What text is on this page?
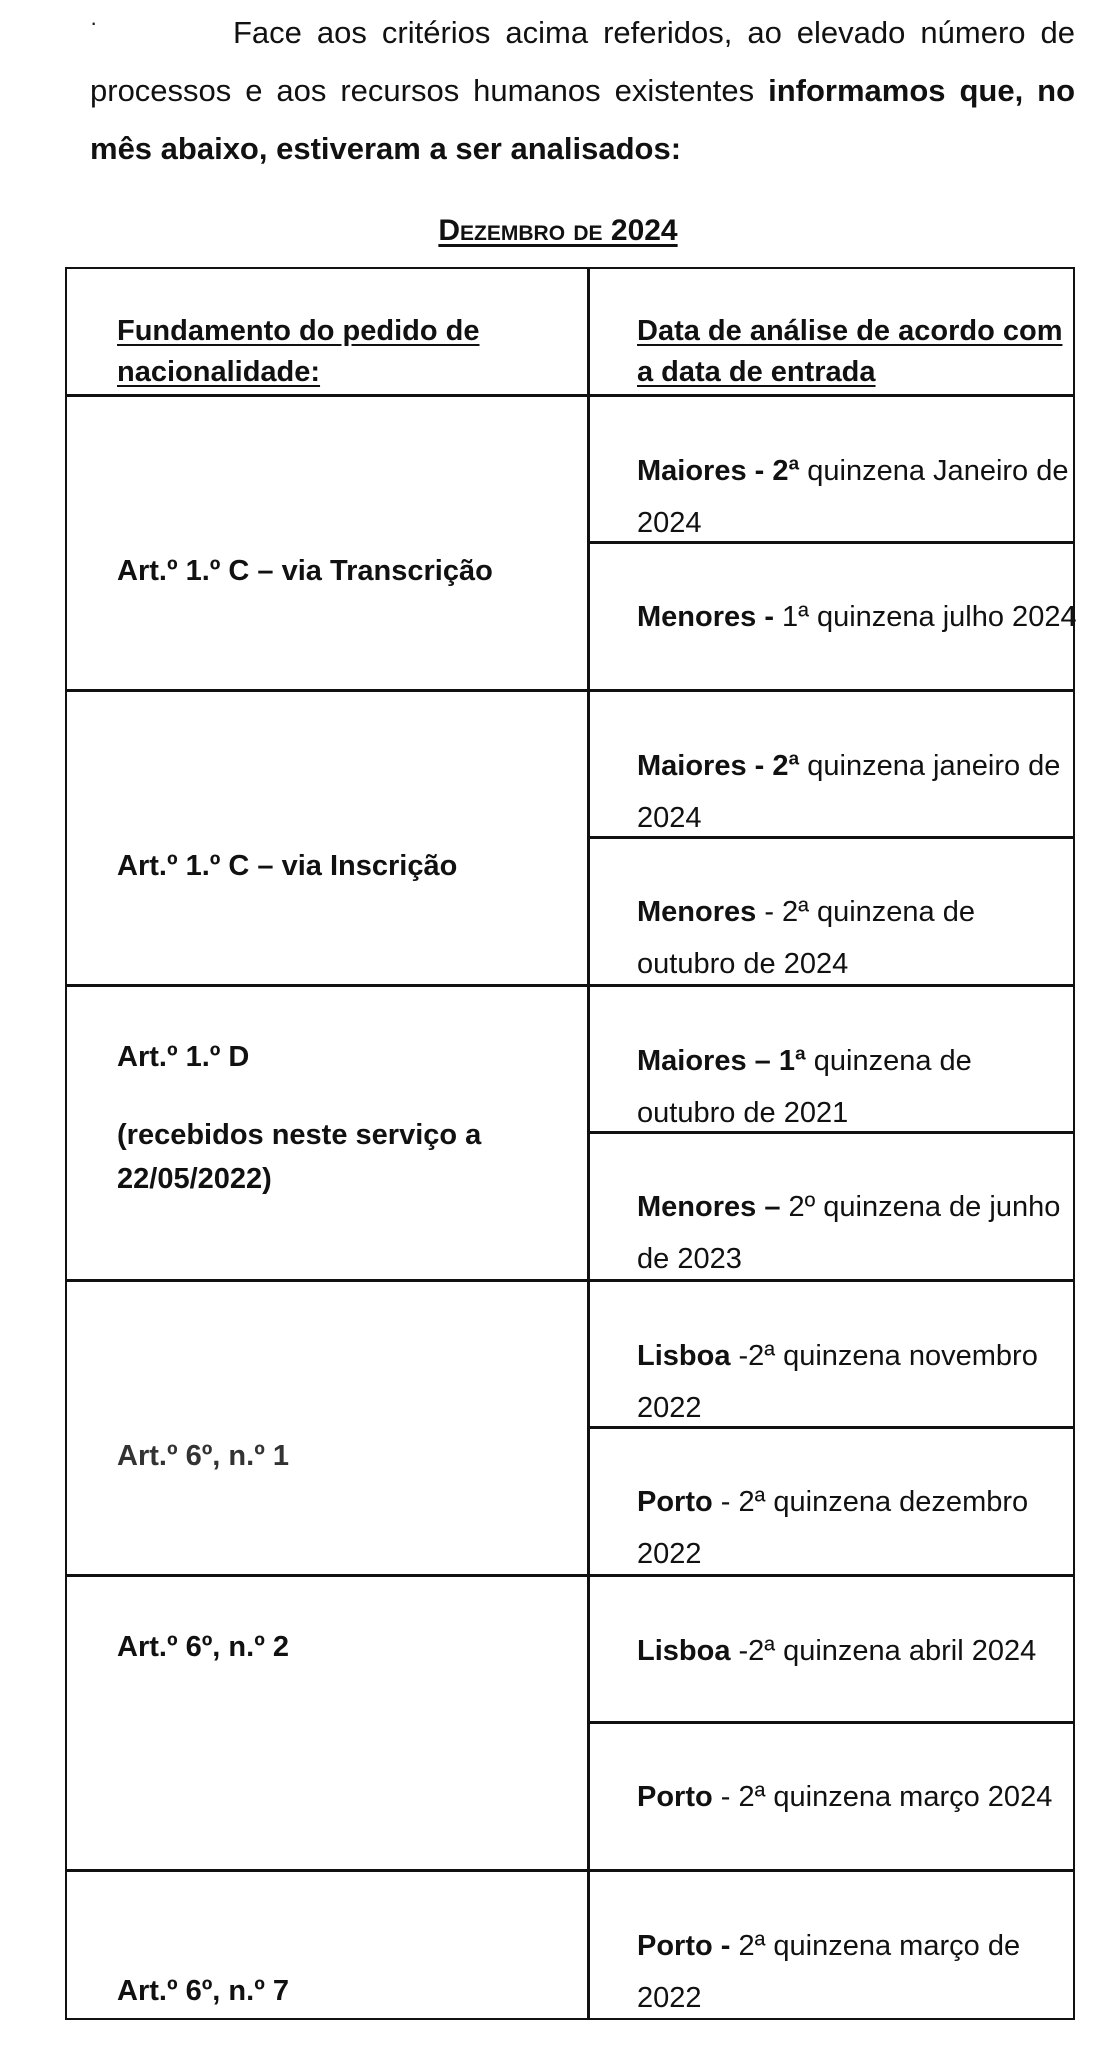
·	Face aos critérios acima referidos, ao elevado número de processos e aos recursos humanos existentes informamos que, no mês abaixo, estiveram a ser analisados:
Dezembro de 2024
Fundamento do pedido de nacionalidade:
Data de análise de acordo com a data de entrada
Art.º 1.º C – via Transcrição
Maiores - 2ª quinzena Janeiro de 2024
Menores - 1ª quinzena julho 2024
Art.º 1.º C – via Inscrição
Maiores - 2ª quinzena janeiro de 2024
Menores - 2ª quinzena de outubro de 2024
Art.º 1.º D
(recebidos neste serviço a 22/05/2022)
Maiores – 1ª quinzena de outubro de 2021
Menores – 2º quinzena de junho de 2023
Art.º 6º, n.º 1
Lisboa -2ª quinzena novembro 2022
Porto - 2ª quinzena dezembro 2022
Art.º 6º, n.º 2	Lisboa -2ª quinzena abril 2024
Porto - 2ª quinzena março 2024
Art.º 6º, n.º 7
Porto - 2ª quinzena março de 2022
